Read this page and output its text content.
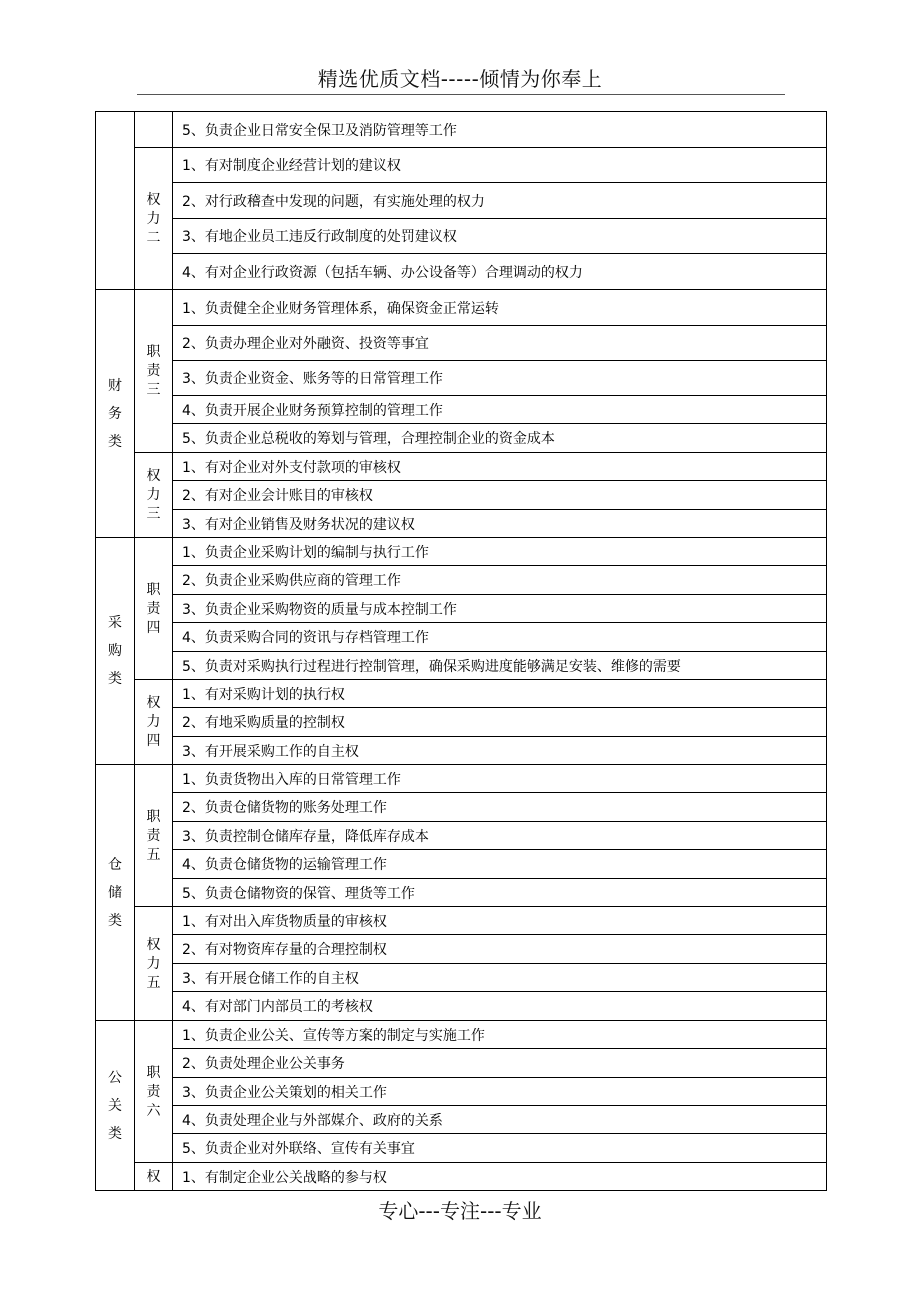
精选优质文档-----倾情为你奉上
		5、负责企业日常安全保卫及消防管理等工作

	权
力
二	1、有对制度企业经营计划的建议权
		2、对行政稽查中发现的问题，有实施处理的权力
		3、有地企业员工违反行政制度的处罚建议权
		4、有对企业行政资源（包括车辆、办公设备等）合理调动的权力

财
务
类	职
责
三	1、负责健全企业财务管理体系，确保资金正常运转
		2、负责办理企业对外融资、投资等事宜
		3、负责企业资金、账务等的日常管理工作
		4、负责开展企业财务预算控制的管理工作
		5、负责企业总税收的筹划与管理，合理控制企业的资金成本

	权
力
三	1、有对企业对外支付款项的审核权
		2、有对企业会计账目的审核权
		3、有对企业销售及财务状况的建议权

采
购
类	职
责
四	1、负责企业采购计划的编制与执行工作
		2、负责企业采购供应商的管理工作
		3、负责企业采购物资的质量与成本控制工作
		4、负责采购合同的资讯与存档管理工作
		5、负责对采购执行过程进行控制管理，确保采购进度能够满足安装、维修的需要

	权
力
四	1、有对采购计划的执行权
		2、有地采购质量的控制权
		3、有开展采购工作的自主权

仓
储
类	职
责
五	1、负责货物出入库的日常管理工作
		2、负责仓储货物的账务处理工作
		3、负责控制仓储库存量，降低库存成本
		4、负责仓储货物的运输管理工作
		5、负责仓储物资的保管、理货等工作

	权
力
五	1、有对出入库货物质量的审核权
		2、有对物资库存量的合理控制权
		3、有开展仓储工作的自主权
		4、有对部门内部员工的考核权

公
关
类	职
责
六	1、负责企业公关、宣传等方案的制定与实施工作
		2、负责处理企业公关事务
		3、负责企业公关策划的相关工作
		4、负责处理企业与外部媒介、政府的关系
		5、负责企业对外联络、宣传有关事宜

	权	1、有制定企业公关战略的参与权
专心---专注---专业
